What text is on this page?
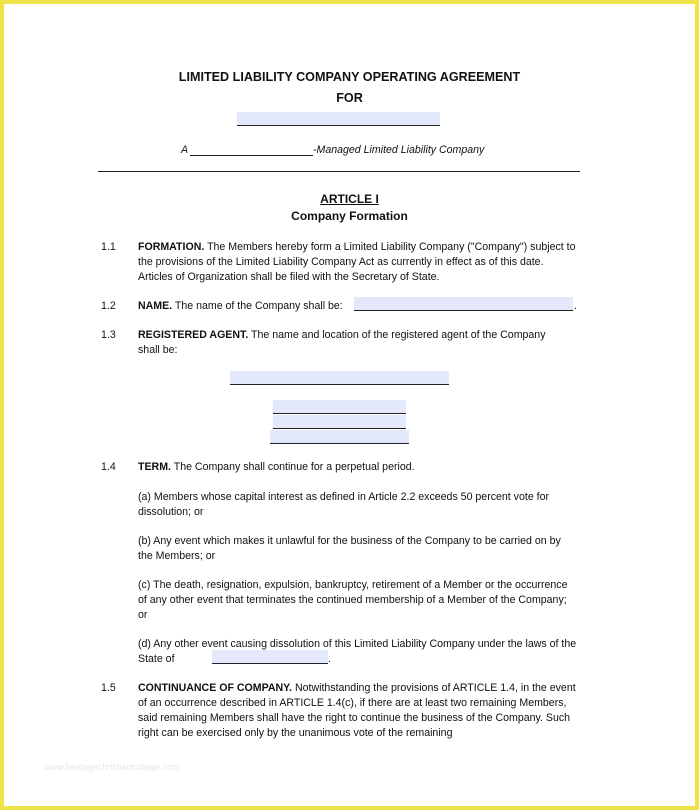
LIMITED LIABILITY COMPANY OPERATING AGREEMENT
FOR
A	-Managed Limited Liability Company
ARTICLE I
Company Formation
1.1 FORMATION. The Members hereby form a Limited Liability Company ("Company") subject to the provisions of the Limited Liability Company Act as currently in effect as of this date. Articles of Organization shall be filed with the Secretary of State.
1.2 NAME. The name of the Company shall be:	.
1.3 REGISTERED AGENT. The name and location of the registered agent of the Company shall be:
1.4 TERM. The Company shall continue for a perpetual period.
(a) Members whose capital interest as defined in Article 2.2 exceeds 50 percent vote for dissolution; or
(b) Any event which makes it unlawful for the business of the Company to be carried on by the Members; or
(c) The death, resignation, expulsion, bankruptcy, retirement of a Member or the occurrence of any other event that terminates the continued membership of a Member of the Company; or
(d) Any other event causing dissolution of this Limited Liability Company under the laws of the State of	.
1.5 CONTINUANCE OF COMPANY. Notwithstanding the provisions of ARTICLE 1.4, in the event of an occurrence described in ARTICLE 1.4(c), if there are at least two remaining Members, said remaining Members shall have the right to continue the business of the Company. Such right can be exercised only by the unanimous vote of the remaining
www.heritagechristiancollege.com
